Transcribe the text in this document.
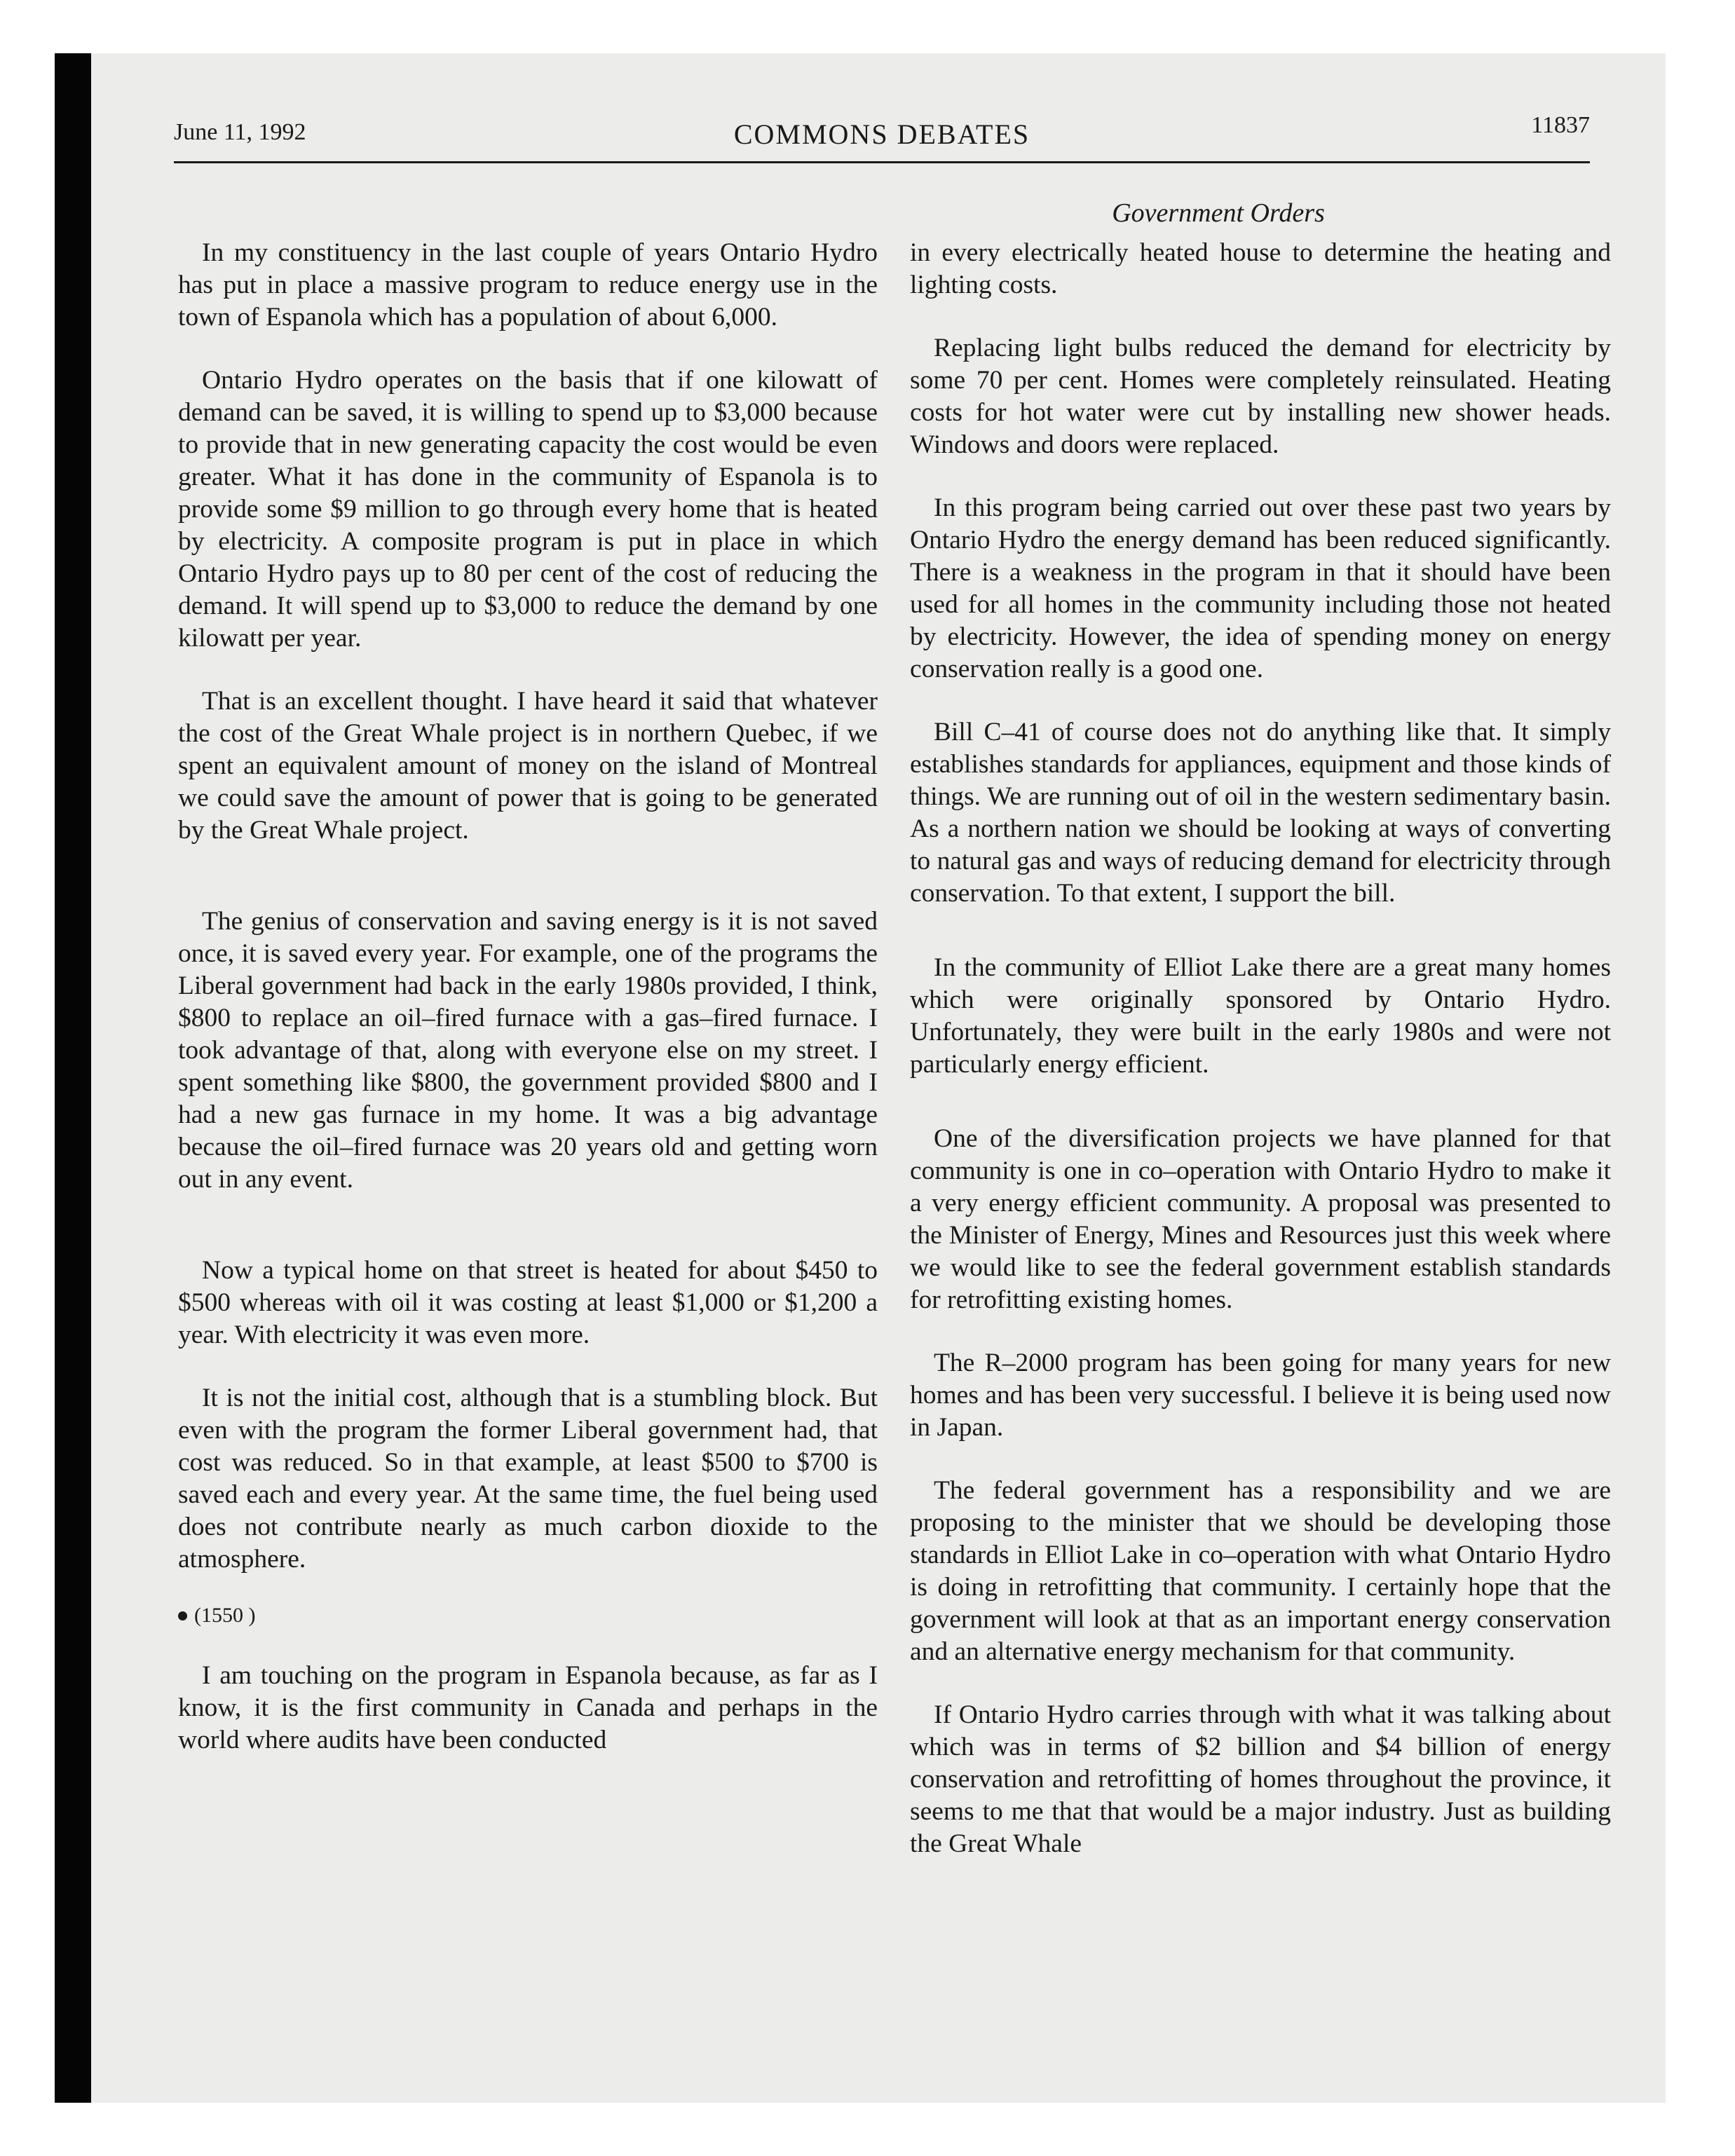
June 11, 1992	COMMONS DEBATES	11837
Government Orders

In my constituency in the last couple of years Ontario Hydro has put in place a massive program to reduce energy use in the town of Espanola which has a population of about 6,000.

Ontario Hydro operates on the basis that if one kilowatt of demand can be saved, it is willing to spend up to $3,000 because to provide that in new generating capacity the cost would be even greater. What it has done in the community of Espanola is to provide some $9 million to go through every home that is heated by electricity. A composite program is put in place in which Ontario Hydro pays up to 80 per cent of the cost of reducing the demand. It will spend up to $3,000 to reduce the demand by one kilowatt per year.

That is an excellent thought. I have heard it said that whatever the cost of the Great Whale project is in northern Quebec, if we spent an equivalent amount of money on the island of Montreal we could save the amount of power that is going to be generated by the Great Whale project.

The genius of conservation and saving energy is it is not saved once, it is saved every year. For example, one of the programs the Liberal government had back in the early 1980s provided, I think, $800 to replace an oil–fired furnace with a gas–fired furnace. I took advantage of that, along with everyone else on my street. I spent something like $800, the government provided $800 and I had a new gas furnace in my home. It was a big advantage because the oil–fired furnace was 20 years old and getting worn out in any event.

Now a typical home on that street is heated for about $450 to $500 whereas with oil it was costing at least $1,000 or $1,200 a year. With electricity it was even more.

It is not the initial cost, although that is a stumbling block. But even with the program the former Liberal government had, that cost was reduced. So in that example, at least $500 to $700 is saved each and every year. At the same time, the fuel being used does not contribute nearly as much carbon dioxide to the atmosphere.

(1550 )

I am touching on the program in Espanola because, as far as I know, it is the first community in Canada and perhaps in the world where audits have been conducted

in every electrically heated house to determine the heating and lighting costs.

Replacing light bulbs reduced the demand for electricity by some 70 per cent. Homes were completely reinsulated. Heating costs for hot water were cut by installing new shower heads. Windows and doors were replaced.

In this program being carried out over these past two years by Ontario Hydro the energy demand has been reduced significantly. There is a weakness in the program in that it should have been used for all homes in the community including those not heated by electricity. However, the idea of spending money on energy conservation really is a good one.

Bill C–41 of course does not do anything like that. It simply establishes standards for appliances, equipment and those kinds of things. We are running out of oil in the western sedimentary basin. As a northern nation we should be looking at ways of converting to natural gas and ways of reducing demand for electricity through conservation. To that extent, I support the bill.

In the community of Elliot Lake there are a great many homes which were originally sponsored by Ontario Hydro. Unfortunately, they were built in the early 1980s and were not particularly energy efficient.

One of the diversification projects we have planned for that community is one in co–operation with Ontario Hydro to make it a very energy efficient community. A proposal was presented to the Minister of Energy, Mines and Resources just this week where we would like to see the federal government establish standards for retrofitting existing homes.

The R–2000 program has been going for many years for new homes and has been very successful. I believe it is being used now in Japan.

The federal government has a responsibility and we are proposing to the minister that we should be developing those standards in Elliot Lake in co–operation with what Ontario Hydro is doing in retrofitting that community. I certainly hope that the government will look at that as an important energy conservation and an alternative energy mechanism for that community.

If Ontario Hydro carries through with what it was talking about which was in terms of $2 billion and $4 billion of energy conservation and retrofitting of homes throughout the province, it seems to me that that would be a major industry. Just as building the Great Whale
